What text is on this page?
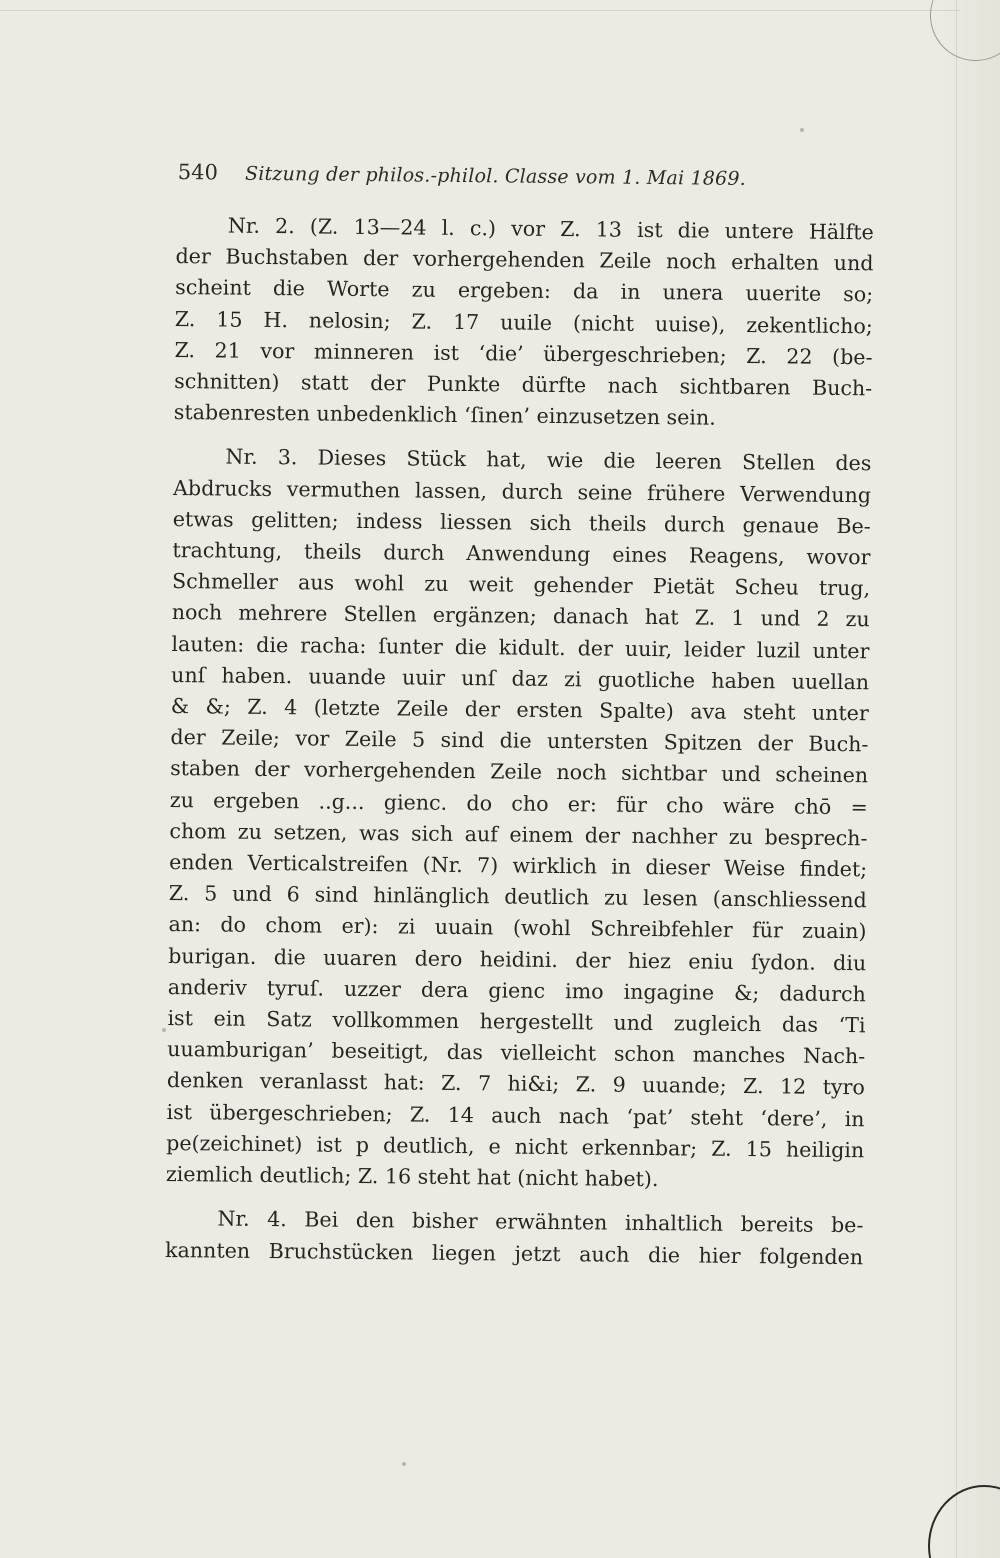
540 Sitzung der philos.-philol. Classe vom 1. Mai 1869.
Nr. 2. (Z. 13—24 l. c.) vor Z. 13 ist die untere Hälfte
der Buchstaben der vorhergehenden Zeile noch erhalten und
scheint die Worte zu ergeben: da in unera uuerite so;
Z. 15 H. nelosin; Z. 17 uuile (nicht uuise), zekentlicho;
Z. 21 vor minneren ist ‘die’ übergeschrieben; Z. 22 (be-
schnitten) statt der Punkte dürfte nach sichtbaren Buch-
stabenresten unbedenklich ‘ſinen’ einzusetzen sein.
Nr. 3. Dieses Stück hat, wie die leeren Stellen des
Abdrucks vermuthen lassen, durch seine frühere Verwendung
etwas gelitten; indess liessen sich theils durch genaue Be-
trachtung, theils durch Anwendung eines Reagens, wovor
Schmeller aus wohl zu weit gehender Pietät Scheu trug,
noch mehrere Stellen ergänzen; danach hat Z. 1 und 2 zu
lauten: die racha: ſunter die kidult. der uuir, leider luzil unter
unſ haben. uuande uuir unſ daz zi guotliche haben uuellan
& &; Z. 4 (letzte Zeile der ersten Spalte) ava steht unter
der Zeile; vor Zeile 5 sind die untersten Spitzen der Buch-
staben der vorhergehenden Zeile noch sichtbar und scheinen
zu ergeben ..g... gienc. do cho er: für cho wäre chō =
chom zu setzen, was sich auf einem der nachher zu besprech-
enden Verticalstreifen (Nr. 7) wirklich in dieser Weise findet;
Z. 5 und 6 sind hinlänglich deutlich zu lesen (anschliessend
an: do chom er): zi uuain (wohl Schreibfehler für zuain)
burigan. die uuaren dero heidini. der hiez eniu ſydon. diu
anderiv tyruſ. uzzer dera gienc imo ingagine &; dadurch
ist ein Satz vollkommen hergestellt und zugleich das ‘Ti
uuamburigan’ beseitigt, das vielleicht schon manches Nach-
denken veranlasst hat: Z. 7 hi&i; Z. 9 uuande; Z. 12 tyro
ist übergeschrieben; Z. 14 auch nach ‘pat’ steht ‘dere’, in
pe(zeichinet) ist p deutlich, e nicht erkennbar; Z. 15 heiligin
ziemlich deutlich; Z. 16 steht hat (nicht habet).
Nr. 4. Bei den bisher erwähnten inhaltlich bereits be-
kannten Bruchstücken liegen jetzt auch die hier folgenden
